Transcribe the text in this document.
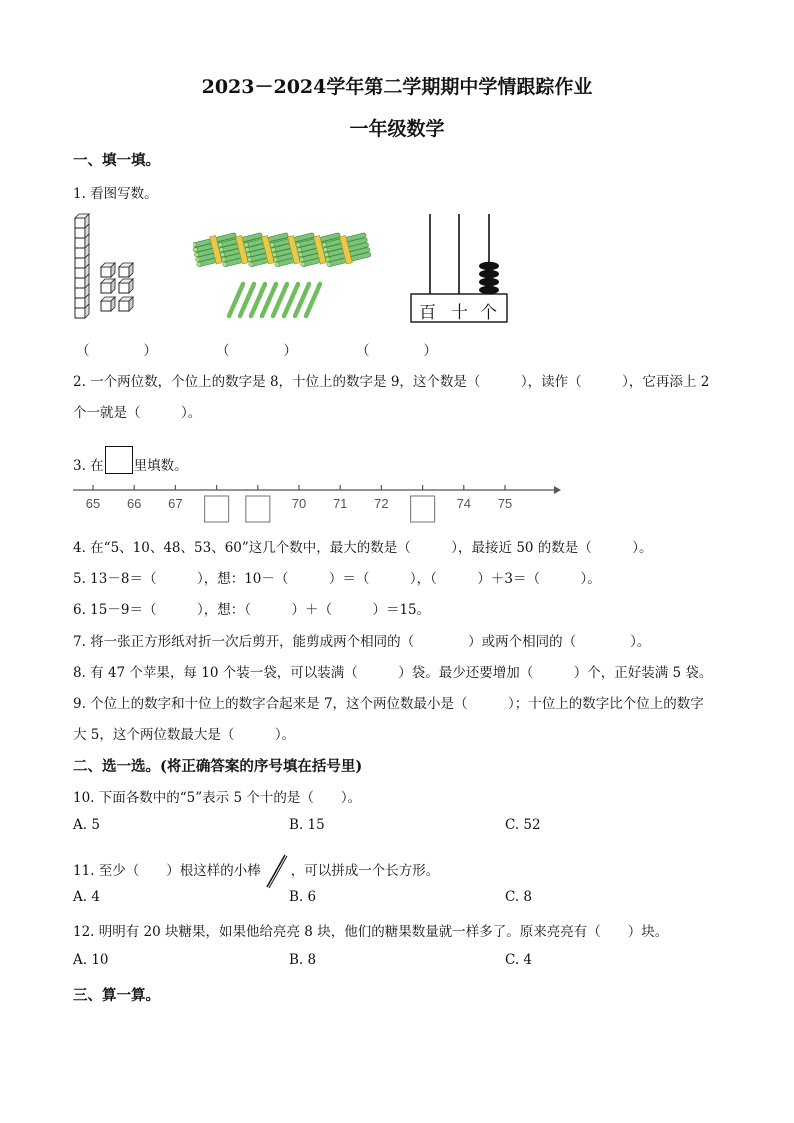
2023－2024学年第二学期期中学情跟踪作业
一年级数学
一、填一填。
1. 看图写数。
百 十 个
（　　　　）	（　　　　）	（　　　　）
2. 一个两位数，个位上的数字是 8，十位上的数字是 9，这个数是（　　　），读作（　　　），它再添上 2
个一就是（　　　）。
3. 在 里填数。
65 66 67	70 71 72	74 75
4. 在“5、10、48、53、60”这几个数中，最大的数是（　　　），最接近 50 的数是（　　　）。
5. 13－8＝（　　　），想：10－（　　　）＝（　　　），（　　　）＋3＝（　　　）。
6. 15－9＝（　　　），想：（　　　）＋（　　　）＝15。
7. 将一张正方形纸对折一次后剪开，能剪成两个相同的（　　　　）或两个相同的（　　　　）。
8. 有 47 个苹果，每 10 个装一袋，可以装满（　　　）袋。最少还要增加（　　　）个，正好装满 5 袋。
9. 个位上的数字和十位上的数字合起来是 7，这个两位数最小是（　　　）；十位上的数字比个位上的数字
大 5，这个两位数最大是（　　　）。
二、选一选。(将正确答案的序号填在括号里)
10. 下面各数中的“5”表示 5 个十的是（　　）。
A. 5	B. 15	C. 52
11. 至少（　　）根这样的小棒 ，可以拼成一个长方形。
A. 4	B. 6	C. 8
12. 明明有 20 块糖果，如果他给亮亮 8 块，他们的糖果数量就一样多了。原来亮亮有（　　）块。
A. 10	B. 8	C. 4
三、算一算。
